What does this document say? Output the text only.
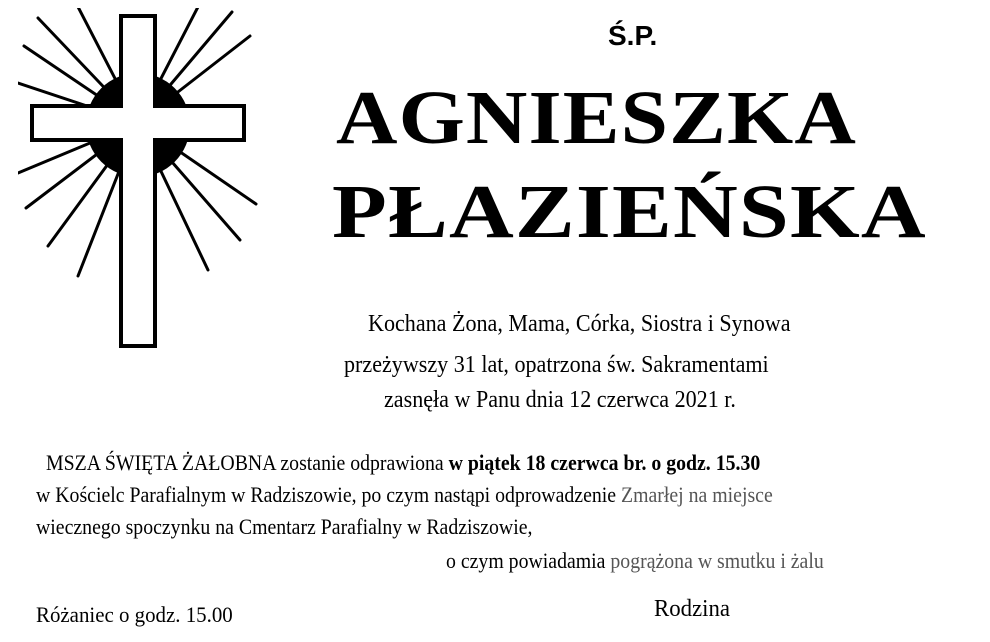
Ś.P.
AGNIESZKA
PŁAZIEŃSKA
Kochana Żona, Mama, Córka, Siostra i Synowa
przeżywszy 31 lat, opatrzona św. Sakramentami
zasnęła w Panu dnia 12 czerwca 2021 r.
MSZA ŚWIĘTA ŻAŁOBNA zostanie odprawiona w piątek 18 czerwca br. o godz. 15.30
w Kościelc Parafialnym w Radziszowie, po czym nastąpi odprowadzenie Zmarłej na miejsce
wiecznego spoczynku na Cmentarz Parafialny w Radziszowie,
o czym powiadamia pogrążona w smutku i żalu
Różaniec o godz. 15.00	Rodzina
